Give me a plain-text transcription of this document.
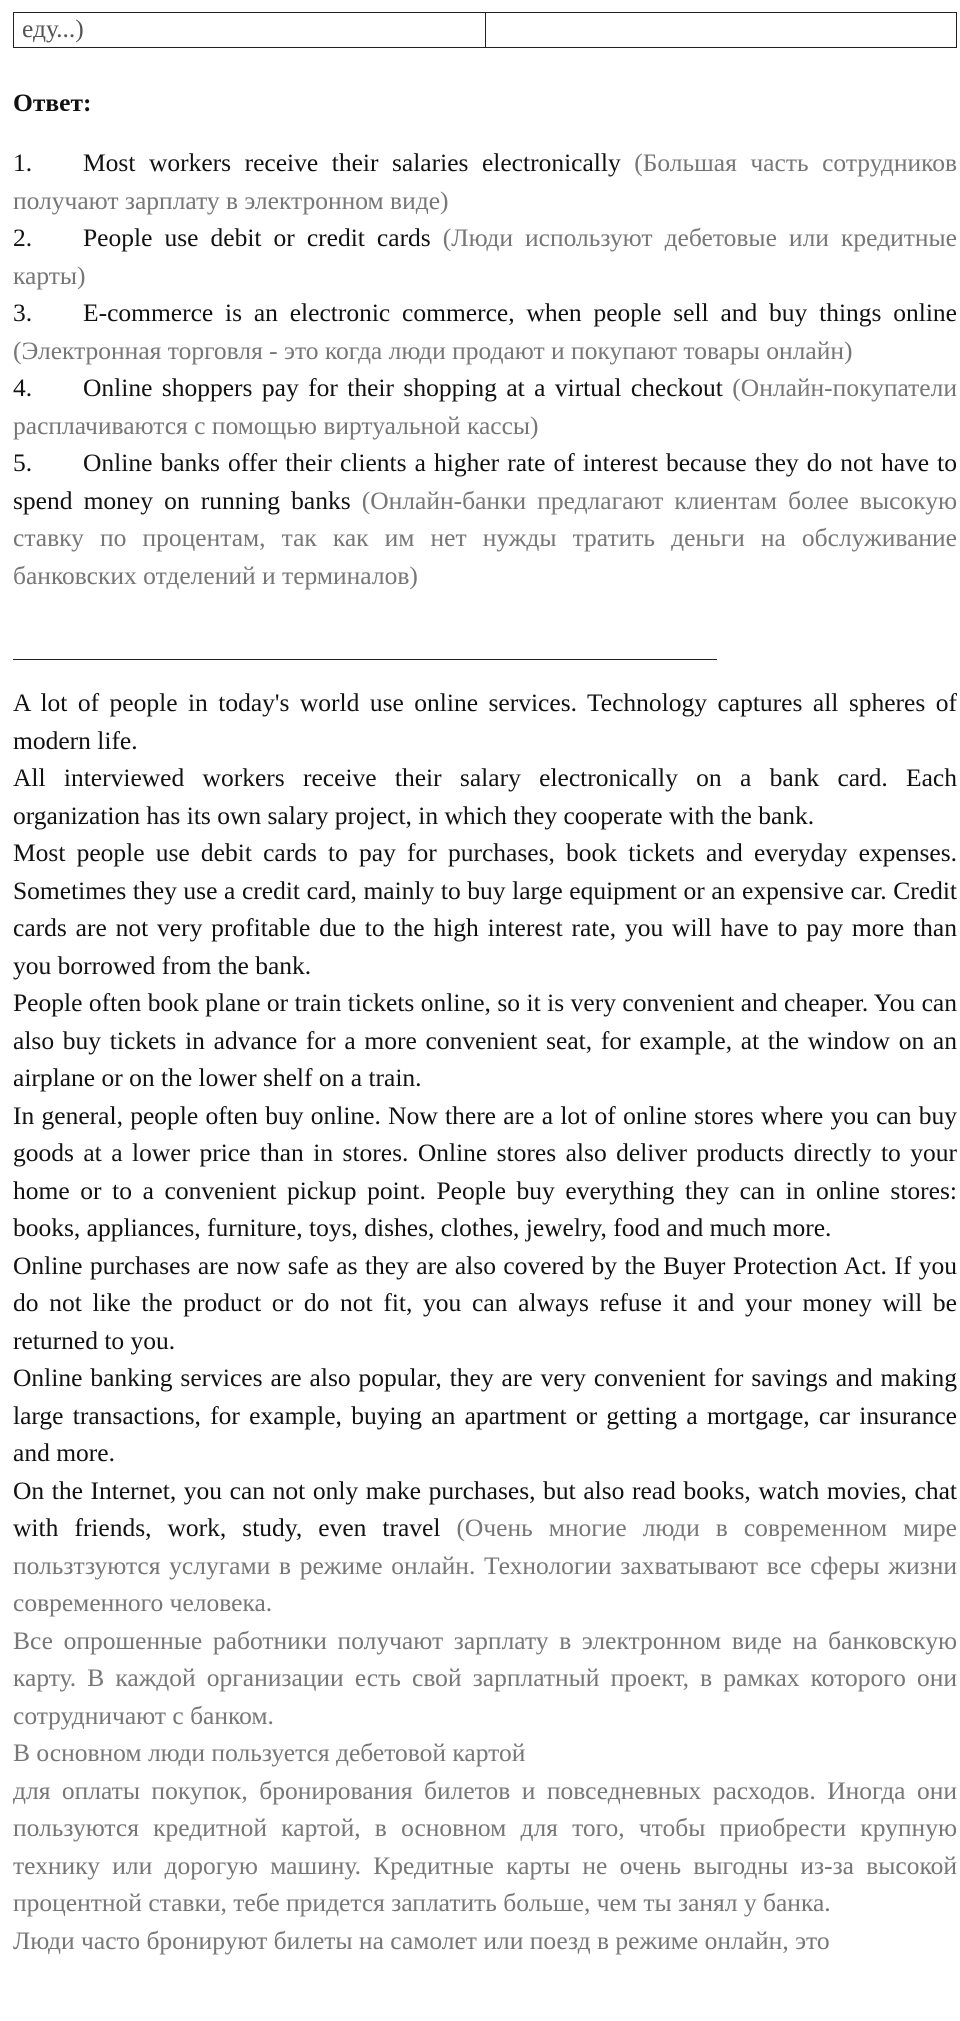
еду...)
Ответ:

1. Most workers receive their salaries electronically (Большая часть сотрудников получают зарплату в электронном виде)

2. People use debit or credit cards (Люди используют дебетовые или кредитные карты)

3. E-commerce is an electronic commerce, when people sell and buy things online (Электронная торговля - это когда люди продают и покупают товары онлайн)

4. Online shoppers pay for their shopping at a virtual checkout (Онлайн-покупатели расплачиваются с помощью виртуальной кассы)

5. Online banks offer their clients a higher rate of interest because they do not have to spend money on running banks (Онлайн-банки предлагают клиентам более высокую ставку по процентам, так как им нет нужды тратить деньги на обслуживание банковских отделений и терминалов)

A lot of people in today's world use online services. Technology captures all spheres of modern life.

All interviewed workers receive their salary electronically on a bank card. Each organization has its own salary project, in which they cooperate with the bank.

Most people use debit cards to pay for purchases, book tickets and everyday expenses. Sometimes they use a credit card, mainly to buy large equipment or an expensive car. Credit cards are not very profitable due to the high interest rate, you will have to pay more than you borrowed from the bank.

People often book plane or train tickets online, so it is very convenient and cheaper. You can also buy tickets in advance for a more convenient seat, for example, at the window on an airplane or on the lower shelf on a train.

In general, people often buy online. Now there are a lot of online stores where you can buy goods at a lower price than in stores. Online stores also deliver products directly to your home or to a convenient pickup point. People buy everything they can in online stores: books, appliances, furniture, toys, dishes, clothes, jewelry, food and much more.

Online purchases are now safe as they are also covered by the Buyer Protection Act. If you do not like the product or do not fit, you can always refuse it and your money will be returned to you.

Online banking services are also popular, they are very convenient for savings and making large transactions, for example, buying an apartment or getting a mortgage, car insurance and more.

On the Internet, you can not only make purchases, but also read books, watch movies, chat with friends, work, study, even travel (Очень многие люди в современном мире пользтзуются услугами в режиме онлайн. Технологии захватывают все сферы жизни современного человека.

Все опрошенные работники получают зарплату в электронном виде на банковскую карту. В каждой организации есть свой зарплатный проект, в рамках которого они сотрудничают с банком.

В основном люди пользуется дебетовой картой

для оплаты покупок, бронирования билетов и повседневных расходов. Иногда они пользуются кредитной картой, в основном для того, чтобы приобрести крупную технику или дорогую машину. Кредитные карты не очень выгодны из-за высокой процентной ставки, тебе придется заплатить больше, чем ты занял у банка.

Люди часто бронируют билеты на самолет или поезд в режиме онлайн, это
